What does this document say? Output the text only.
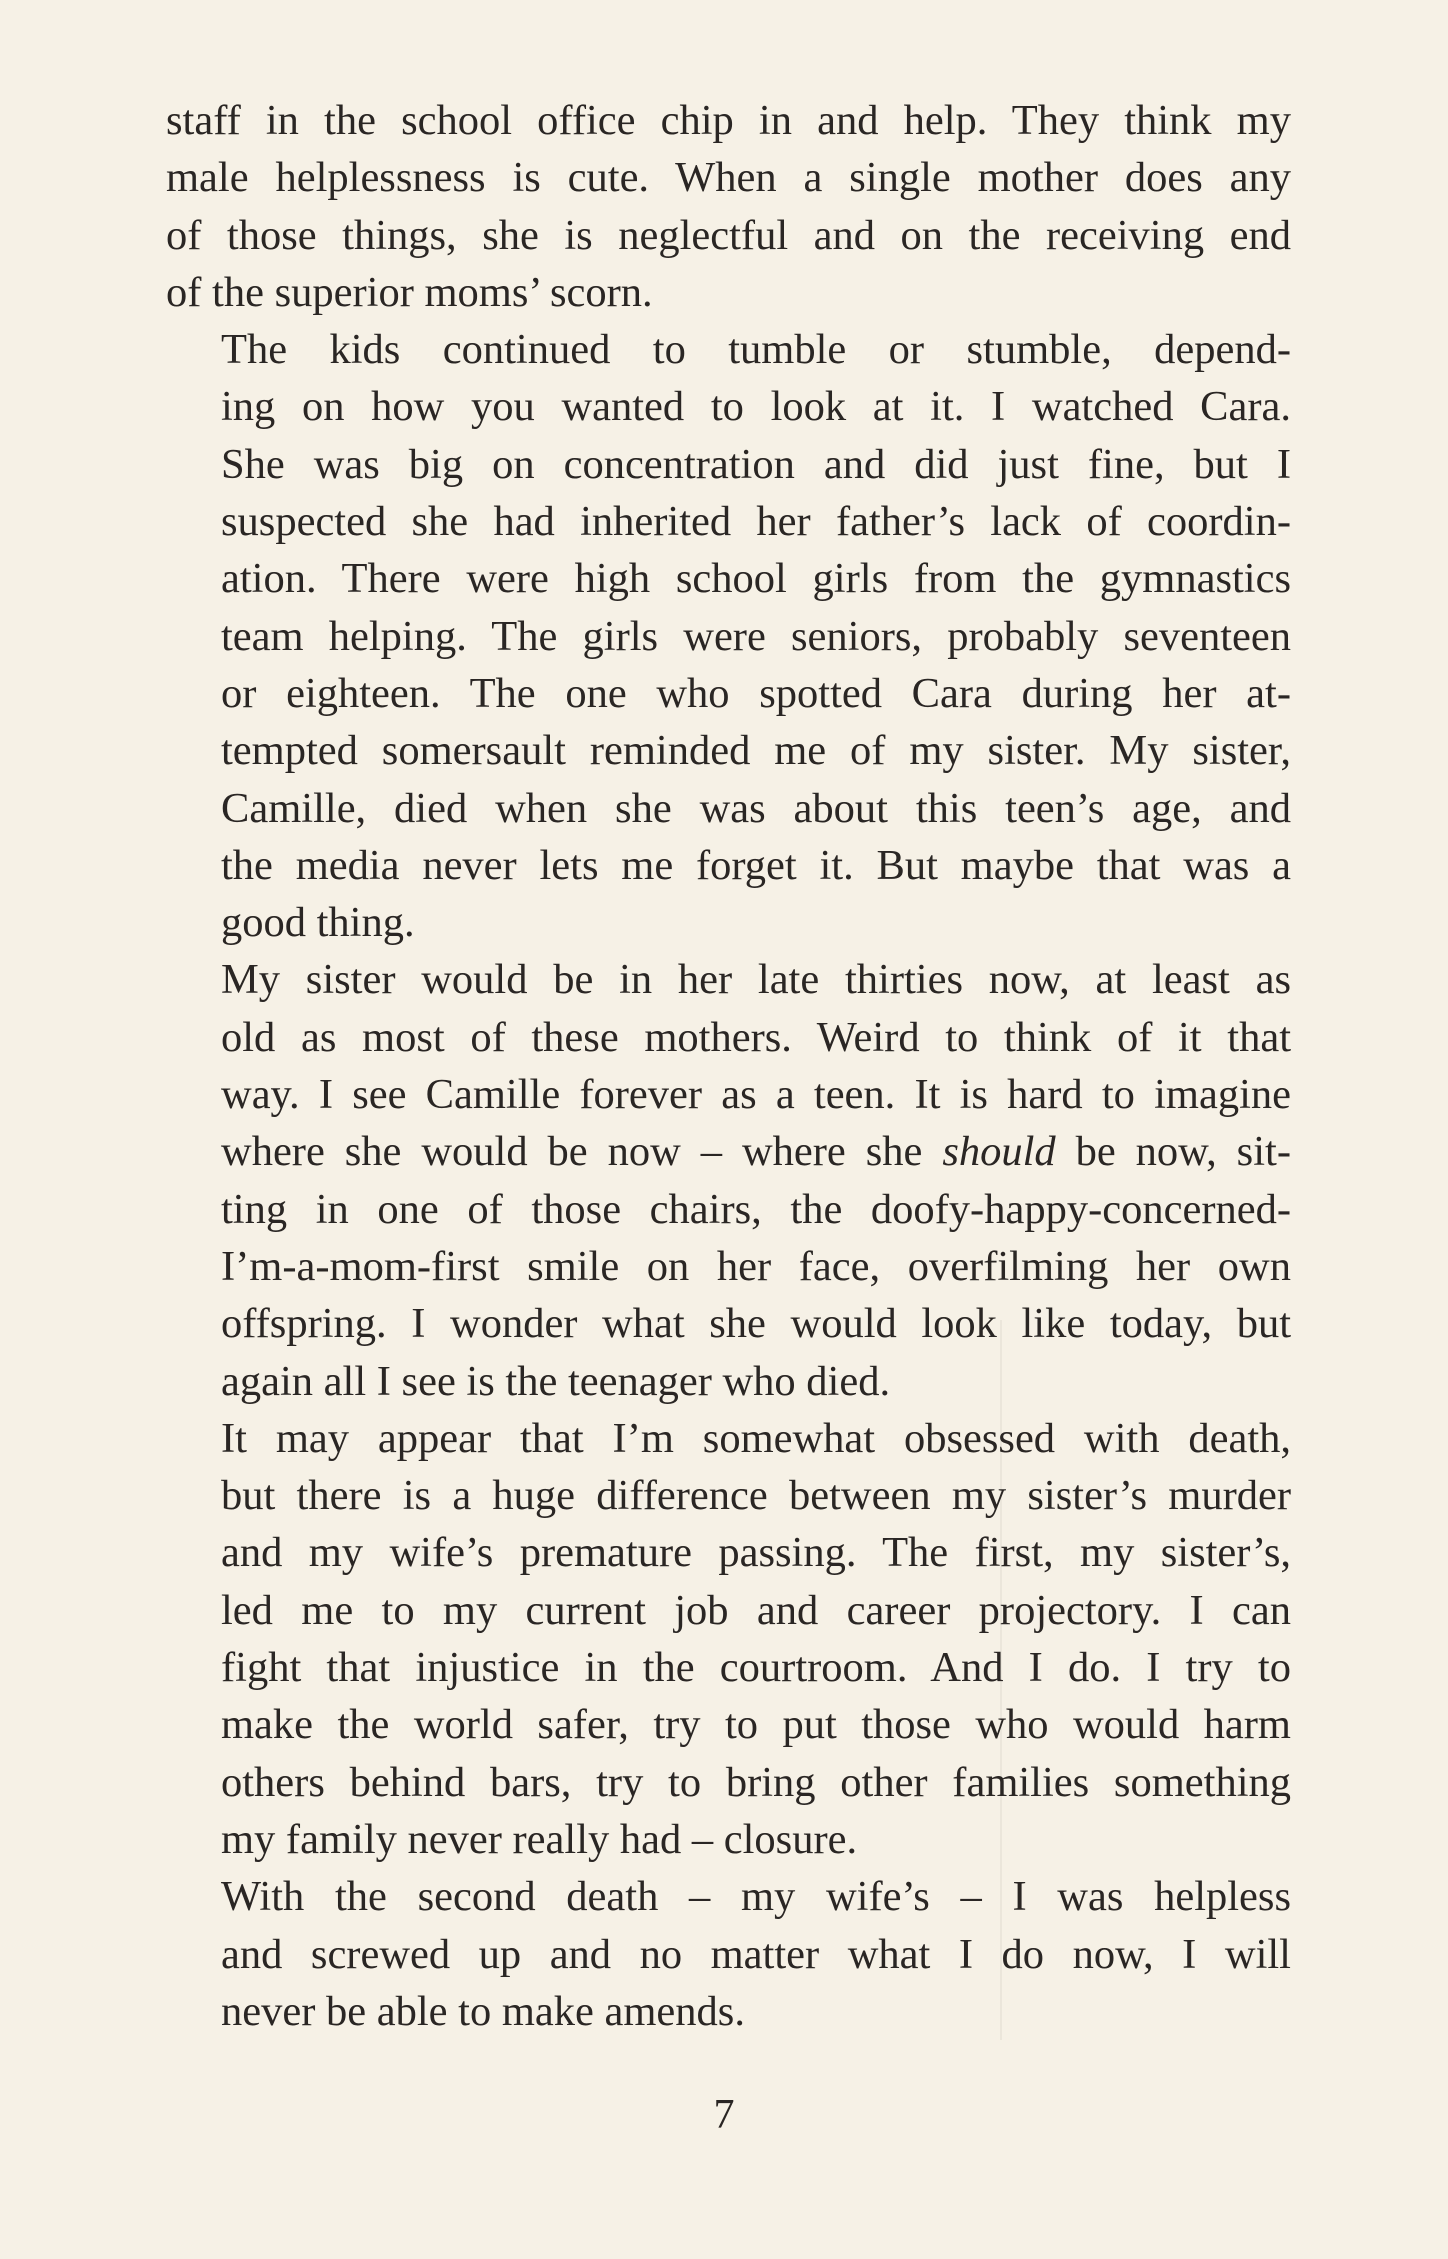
staff in the school office chip in and help. They think my
male helplessness is cute. When a single mother does any
of those things, she is neglectful and on the receiving end
of the superior moms’ scorn.

The kids continued to tumble or stumble, depend-
ing on how you wanted to look at it. I watched Cara.
She was big on concentration and did just fine, but I
suspected she had inherited her father’s lack of coordin-
ation. There were high school girls from the gymnastics
team helping. The girls were seniors, probably seventeen
or eighteen. The one who spotted Cara during her at-
tempted somersault reminded me of my sister. My sister,
Camille, died when she was about this teen’s age, and
the media never lets me forget it. But maybe that was a
good thing.

My sister would be in her late thirties now, at least as
old as most of these mothers. Weird to think of it that
way. I see Camille forever as a teen. It is hard to imagine
where she would be now – where she should be now, sit-
ting in one of those chairs, the doofy-happy-concerned-
I’m-a-mom-first smile on her face, overfilming her own
offspring. I wonder what she would look like today, but
again all I see is the teenager who died.

It may appear that I’m somewhat obsessed with death,
but there is a huge difference between my sister’s murder
and my wife’s premature passing. The first, my sister’s,
led me to my current job and career projectory. I can
fight that injustice in the courtroom. And I do. I try to
make the world safer, try to put those who would harm
others behind bars, try to bring other families something
my family never really had – closure.

With the second death – my wife’s – I was helpless
and screwed up and no matter what I do now, I will
never be able to make amends.

7
